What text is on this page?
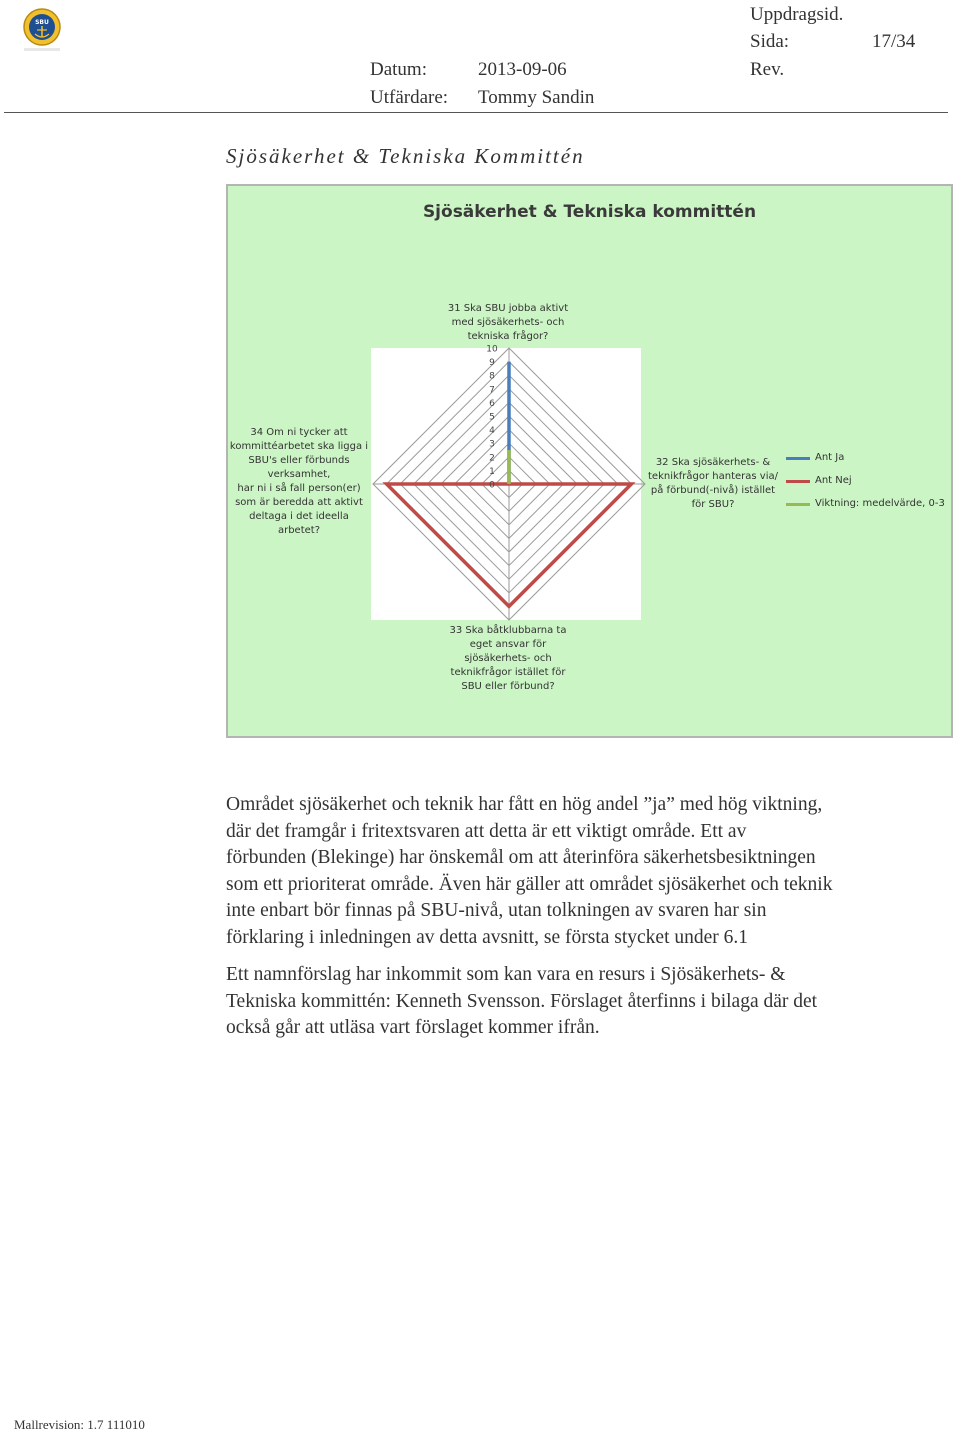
SBU	Uppdragsid.
Sida:	17/34
Datum:	2013-09-06	Rev.
Utfärdare: Tommy Sandin
Sjösäkerhet & Tekniska Kommittén
Sjösäkerhet & Tekniska kommittén
0
1
2
3
4
5
6
7
8
9
10
31 Ska SBU jobba aktivt
med sjösäkerhets- och
tekniska frågor?
32 Ska sjösäkerhets- &
teknikfrågor hanteras via/
på förbund(-nivå) istället
för SBU?
33 Ska båtklubbarna ta
eget ansvar för
sjösäkerhets- och
teknikfrågor istället för
SBU eller förbund?
34 Om ni tycker att
kommittéarbetet ska ligga i
SBU's eller förbunds
verksamhet,
har ni i så fall person(er)
som är beredda att aktivt
deltaga i det ideella
arbetet?
Ant Ja
Ant Nej
Viktning: medelvärde, 0-3
Området sjösäkerhet och teknik har fått en hög andel ”ja” med hög viktning,
där det framgår i fritextsvaren att detta är ett viktigt område. Ett av
förbunden (Blekinge) har önskemål om att återinföra säkerhetsbesiktningen
som ett prioriterat område. Även här gäller att området sjösäkerhet och teknik
inte enbart bör finnas på SBU-nivå, utan tolkningen av svaren har sin
förklaring i inledningen av detta avsnitt, se första stycket under 6.1
Ett namnförslag har inkommit som kan vara en resurs i Sjösäkerhets- &
Tekniska kommittén: Kenneth Svensson. Förslaget återfinns i bilaga där det
också går att utläsa vart förslaget kommer ifrån.
Mallrevision: 1.7 111010
